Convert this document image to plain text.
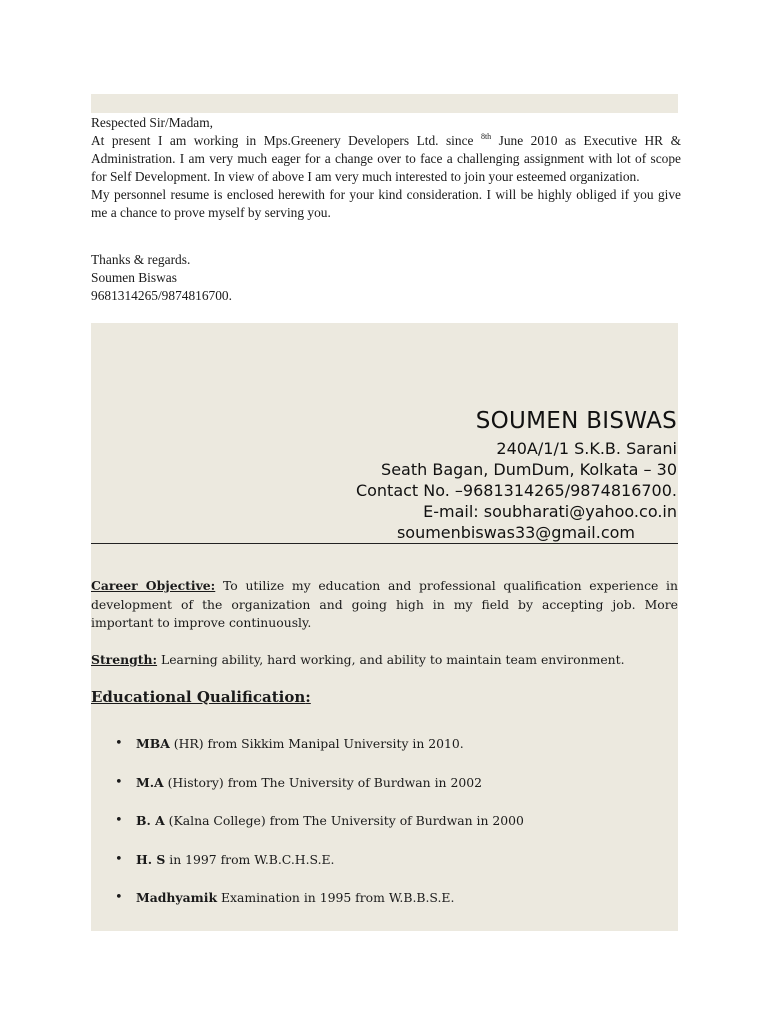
Respected Sir/Madam,

At present I am working in Mps.Greenery Developers Ltd. since $^{8th}$ June 2010 as Executive HR & Administration. I am very much eager for a change over to face a challenging assignment with lot of scope for Self Development. In view of above I am very much interested to join your esteemed organization.

My personnel resume is enclosed herewith for your kind consideration. I will be highly obliged if you give me a chance to prove myself by serving you.

Thanks & regards.

Soumen Biswas

9681314265/9874816700.

SOUMEN BISWAS
240A/1/1 S.K.B. Sarani
Seath Bagan, DumDum, Kolkata – 30
Contact No. –9681314265/9874816700.
E-mail: soubharati@yahoo.co.in
soumenbiswas33@gmail.com

Career Objective: To utilize my education and professional qualification experience in development of the organization and going high in my field by accepting job. More important to improve continuously.

Strength: Learning ability, hard working, and ability to maintain team environment.

Educational Qualification:
• MBA (HR) from Sikkim Manipal University in 2010.
• M.A (History) from The University of Burdwan in 2002
• B. A (Kalna College) from The University of Burdwan in 2000
• H. S in 1997 from W.B.C.H.S.E.
• Madhyamik Examination in 1995 from W.B.B.S.E.
